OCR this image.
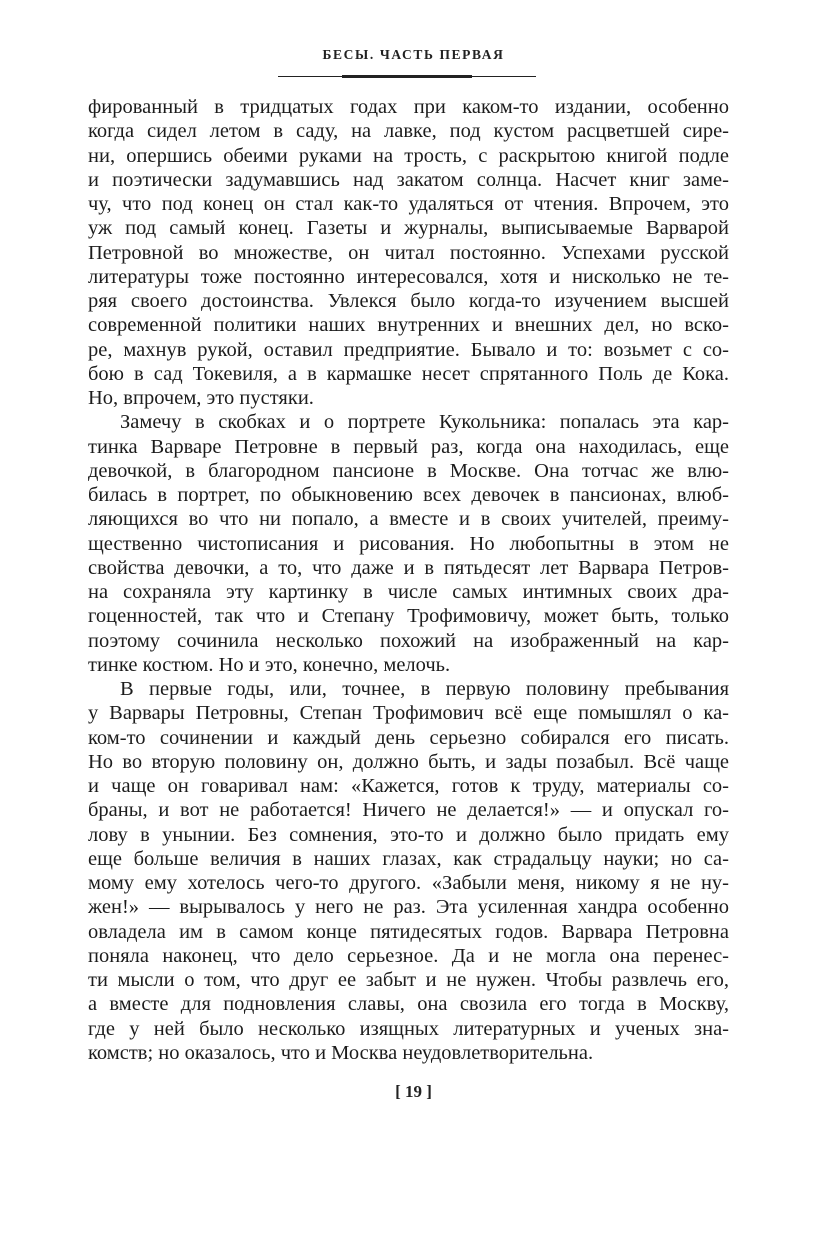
БЕСЫ. ЧАСТЬ ПЕРВАЯ
фированный в тридцатых годах при каком-то издании, особенно
когда сидел летом в саду, на лавке, под кустом расцветшей сире-
ни, опершись обеими руками на трость, с раскрытою книгой подле
и поэтически задумавшись над закатом солнца. Насчет книг заме-
чу, что под конец он стал как-то удаляться от чтения. Впрочем, это
уж под самый конец. Газеты и журналы, выписываемые Варварой
Петровной во множестве, он читал постоянно. Успехами русской
литературы тоже постоянно интересовался, хотя и нисколько не те-
ряя своего достоинства. Увлекся было когда-то изучением высшей
современной политики наших внутренних и внешних дел, но вско-
ре, махнув рукой, оставил предприятие. Бывало и то: возьмет с со-
бою в сад Токевиля, а в кармашке несет спрятанного Поль де Кока.
Но, впрочем, это пустяки.
Замечу в скобках и о портрете Кукольника: попалась эта кар-
тинка Варваре Петровне в первый раз, когда она находилась, еще
девочкой, в благородном пансионе в Москве. Она тотчас же влю-
билась в портрет, по обыкновению всех девочек в пансионах, влюб-
ляющихся во что ни попало, а вместе и в своих учителей, преиму-
щественно чистописания и рисования. Но любопытны в этом не
свойства девочки, а то, что даже и в пятьдесят лет Варвара Петров-
на сохраняла эту картинку в числе самых интимных своих дра-
гоценностей, так что и Степану Трофимовичу, может быть, только
поэтому сочинила несколько похожий на изображенный на кар-
тинке костюм. Но и это, конечно, мелочь.
В первые годы, или, точнее, в первую половину пребывания
у Варвары Петровны, Степан Трофимович всё еще помышлял о ка-
ком-то сочинении и каждый день серьезно собирался его писать.
Но во вторую половину он, должно быть, и зады позабыл. Всё чаще
и чаще он говаривал нам: «Кажется, готов к труду, материалы со-
браны, и вот не работается! Ничего не делается!» — и опускал го-
лову в унынии. Без сомнения, это-то и должно было придать ему
еще больше величия в наших глазах, как страдальцу науки; но са-
мому ему хотелось чего-то другого. «Забыли меня, никому я не ну-
жен!» — вырывалось у него не раз. Эта усиленная хандра особенно
овладела им в самом конце пятидесятых годов. Варвара Петровна
поняла наконец, что дело серьезное. Да и не могла она перенес-
ти мысли о том, что друг ее забыт и не нужен. Чтобы развлечь его,
а вместе для подновления славы, она свозила его тогда в Москву,
где у ней было несколько изящных литературных и ученых зна-
комств; но оказалось, что и Москва неудовлетворительна.
[ 19 ]
